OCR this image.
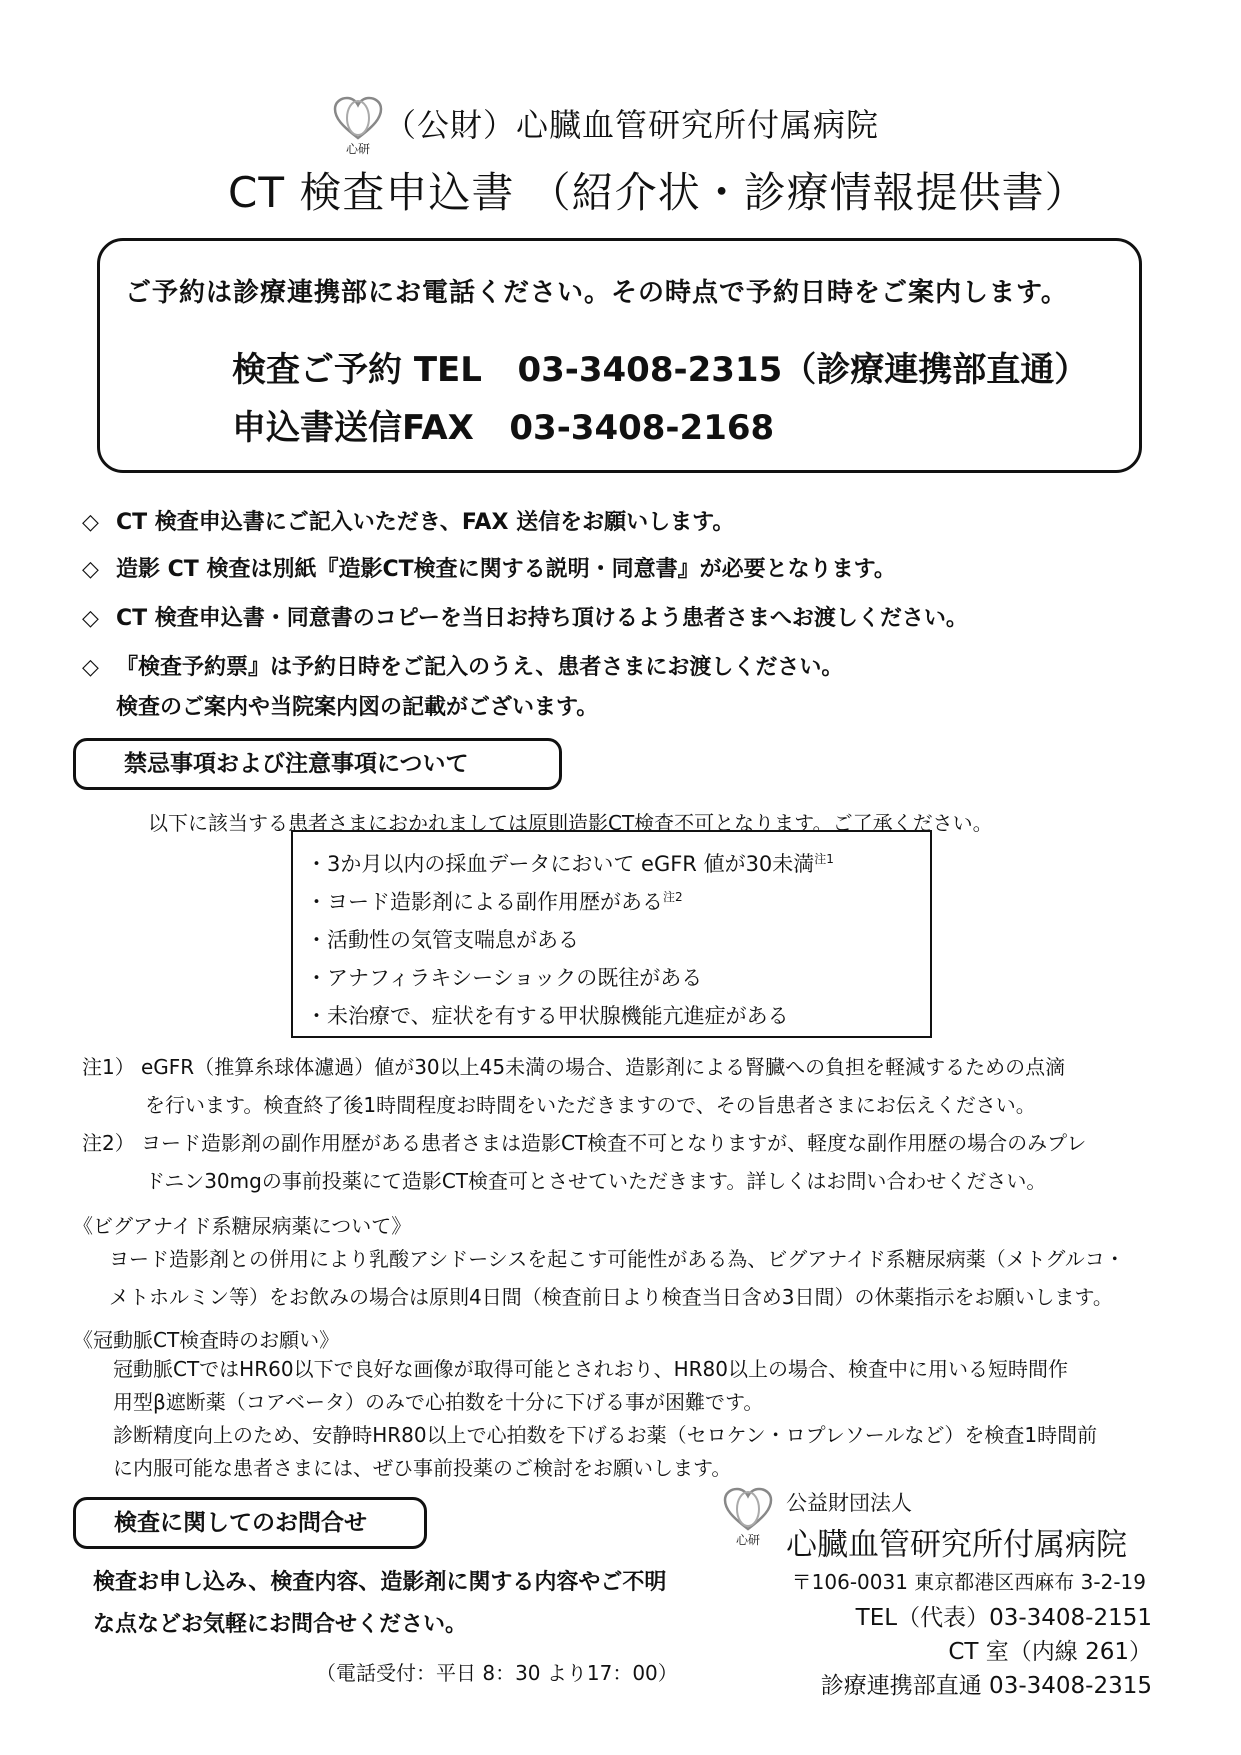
心研
（公財）心臓血管研究所付属病院
CT 検査申込書 （紹介状・診療情報提供書）
ご予約は診療連携部にお電話ください。その時点で予約日時をご案内します。
検査ご予約 TEL 03-3408-2315（診療連携部直通）
申込書送信FAX 03-3408-2168
◇ CT 検査申込書にご記入いただき、FAX 送信をお願いします。
◇ 造影 CT 検査は別紙『造影CT検査に関する説明・同意書』が必要となります。
◇ CT 検査申込書・同意書のコピーを当日お持ち頂けるよう患者さまへお渡しください。
◇ 『検査予約票』は予約日時をご記入のうえ、患者さまにお渡しください。
検査のご案内や当院案内図の記載がございます。
禁忌事項および注意事項について
以下に該当する患者さまにおかれましては原則造影CT検査不可となります。ご了承ください。
・3か月以内の採血データにおいて eGFR 値が30未満$^{注1}$
・ヨード造影剤による副作用歴がある$^{注2}$
・活動性の気管支喘息がある
・アナフィラキシーショックの既往がある
・未治療で、症状を有する甲状腺機能亢進症がある
注1） eGFR（推算糸球体濾過）値が30以上45未満の場合、造影剤による腎臓への負担を軽減するための点滴
を行います。検査終了後1時間程度お時間をいただきますので、その旨患者さまにお伝えください。
注2） ヨード造影剤の副作用歴がある患者さまは造影CT検査不可となりますが、軽度な副作用歴の場合のみプレ
ドニン30mgの事前投薬にて造影CT検査可とさせていただきます。詳しくはお問い合わせください。
《ビグアナイド系糖尿病薬について》
ヨード造影剤との併用により乳酸アシドーシスを起こす可能性がある為、ビグアナイド系糖尿病薬（メトグルコ・
メトホルミン等）をお飲みの場合は原則4日間（検査前日より検査当日含め3日間）の休薬指示をお願いします。
《冠動脈CT検査時のお願い》
冠動脈CTではHR60以下で良好な画像が取得可能とされおり、HR80以上の場合、検査中に用いる短時間作
用型β遮断薬（コアベータ）のみで心拍数を十分に下げる事が困難です。
診断精度向上のため、安静時HR80以上で心拍数を下げるお薬（セロケン・ロプレソールなど）を検査1時間前
に内服可能な患者さまには、ぜひ事前投薬のご検討をお願いします。
検査に関してのお問合せ
検査お申し込み、検査内容、造影剤に関する内容やご不明
な点などお気軽にお問合せください。
（電話受付：平日 8：30 より17：00）
心研
公益財団法人
心臓血管研究所付属病院
〒106-0031 東京都港区西麻布 3-2-19
TEL（代表）03-3408-2151
CT 室（内線 261）
診療連携部直通 03-3408-2315
